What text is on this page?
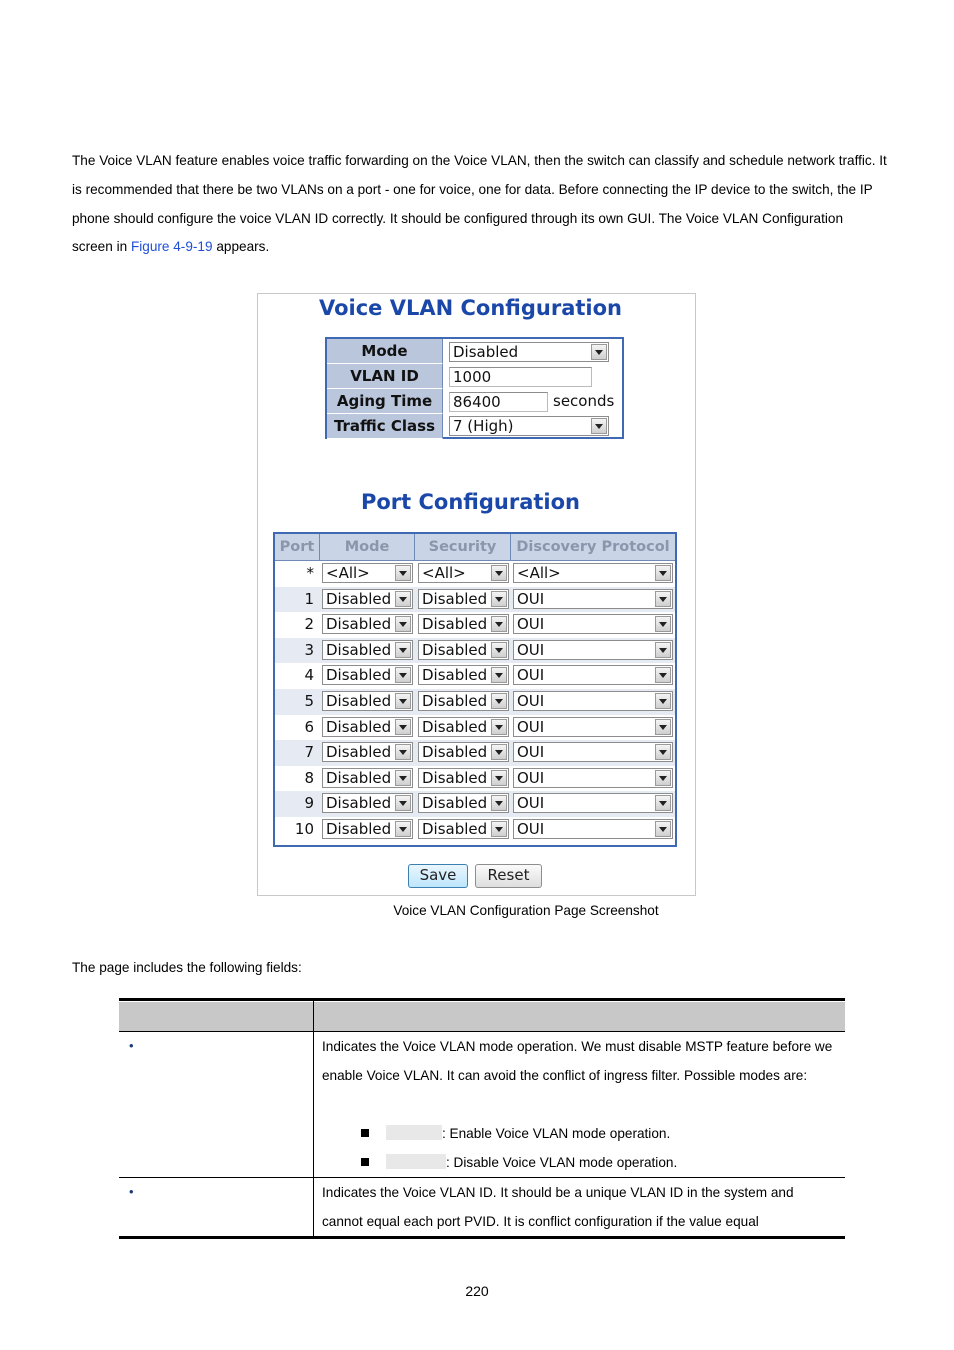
The Voice VLAN feature enables voice traffic forwarding on the Voice VLAN, then the switch can classify and schedule network traffic. It is recommended that there be two VLANs on a port - one for voice, one for data. Before connecting the IP device to the switch, the IP phone should configure the voice VLAN ID correctly. It should be configured through its own GUI. The Voice VLAN Configuration screen in Figure 4-9-19 appears.
Voice VLAN Configuration
Mode	Disabled
VLAN ID	1000
Aging Time	86400	seconds
Traffic Class	7 (High)
Port Configuration
Port	Mode	Security	Discovery Protocol
* <All>	<All>	<All>
1 Disabled	Disabled	OUI
2 Disabled	Disabled	OUI
3 Disabled	Disabled	OUI
4 Disabled	Disabled	OUI
5 Disabled	Disabled	OUI
6 Disabled	Disabled	OUI
7 Disabled	Disabled	OUI
8 Disabled	Disabled	OUI
9 Disabled	Disabled	OUI
10 Disabled	Disabled	OUI
Save	Reset
Voice VLAN Configuration Page Screenshot
The page includes the following fields:
•	Indicates the Voice VLAN mode operation. We must disable MSTP feature before we enable Voice VLAN. It can avoid the conflict of ingress filter. Possible modes are:
: Enable Voice VLAN mode operation.
: Disable Voice VLAN mode operation.
•	Indicates the Voice VLAN ID. It should be a unique VLAN ID in the system and cannot equal each port PVID. It is conflict configuration if the value equal
220
